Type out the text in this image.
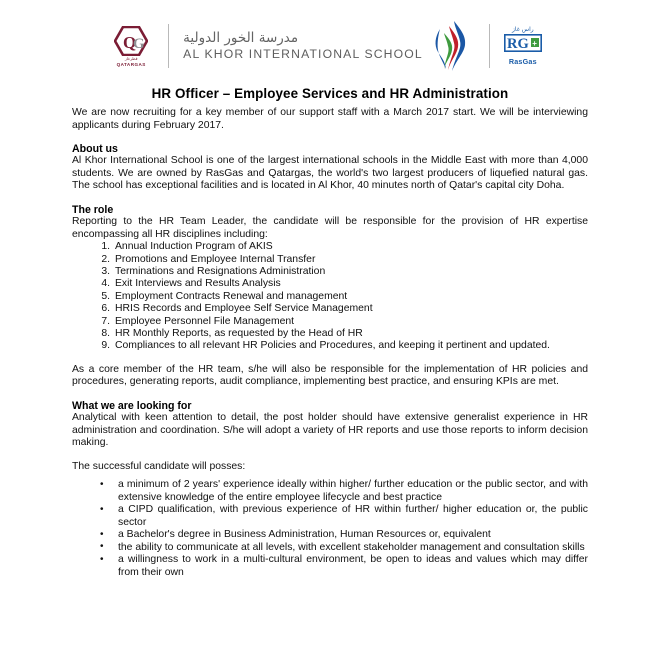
Q
G
قطرغاز
QATARGAS
مدرسة الخور الدولية
AL KHOR INTERNATIONAL SCHOOL
راس غاز
RG +
RasGas
HR Officer – Employee Services and HR Administration

We are now recruiting for a key member of our support staff with a March 2017 start. We will be interviewing applicants during February 2017.

About us

Al Khor International School is one of the largest international schools in the Middle East with more than 4,000 students. We are owned by RasGas and Qatargas, the world's two largest producers of liquefied natural gas. The school has exceptional facilities and is located in Al Khor, 40 minutes north of Qatar's capital city Doha.

The role

Reporting to the HR Team Leader, the candidate will be responsible for the provision of HR expertise encompassing all HR disciplines including:

Annual Induction Program of AKIS
Promotions and Employee Internal Transfer
Terminations and Resignations Administration
Exit Interviews and Results Analysis
Employment Contracts Renewal and management
HRIS Records and Employee Self Service Management
Employee Personnel File Management
HR Monthly Reports, as requested by the Head of HR
Compliances to all relevant HR Policies and Procedures, and keeping it pertinent and updated.

As a core member of the HR team, s/he will also be responsible for the implementation of HR policies and procedures, generating reports, audit compliance, implementing best practice, and ensuring KPIs are met.

What we are looking for

Analytical with keen attention to detail, the post holder should have extensive generalist experience in HR administration and coordination. S/he will adopt a variety of HR reports and use those reports to inform decision making.

The successful candidate will posses:

• a minimum of 2 years' experience ideally within higher/ further education or the public sector, and with extensive knowledge of the entire employee lifecycle and best practice
• a CIPD qualification, with previous experience of HR within further/ higher education or, the public sector
• a Bachelor's degree in Business Administration, Human Resources or, equivalent
• the ability to communicate at all levels, with excellent stakeholder management and consultation skills
• a willingness to work in a multi-cultural environment, be open to ideas and values which may differ from their own
